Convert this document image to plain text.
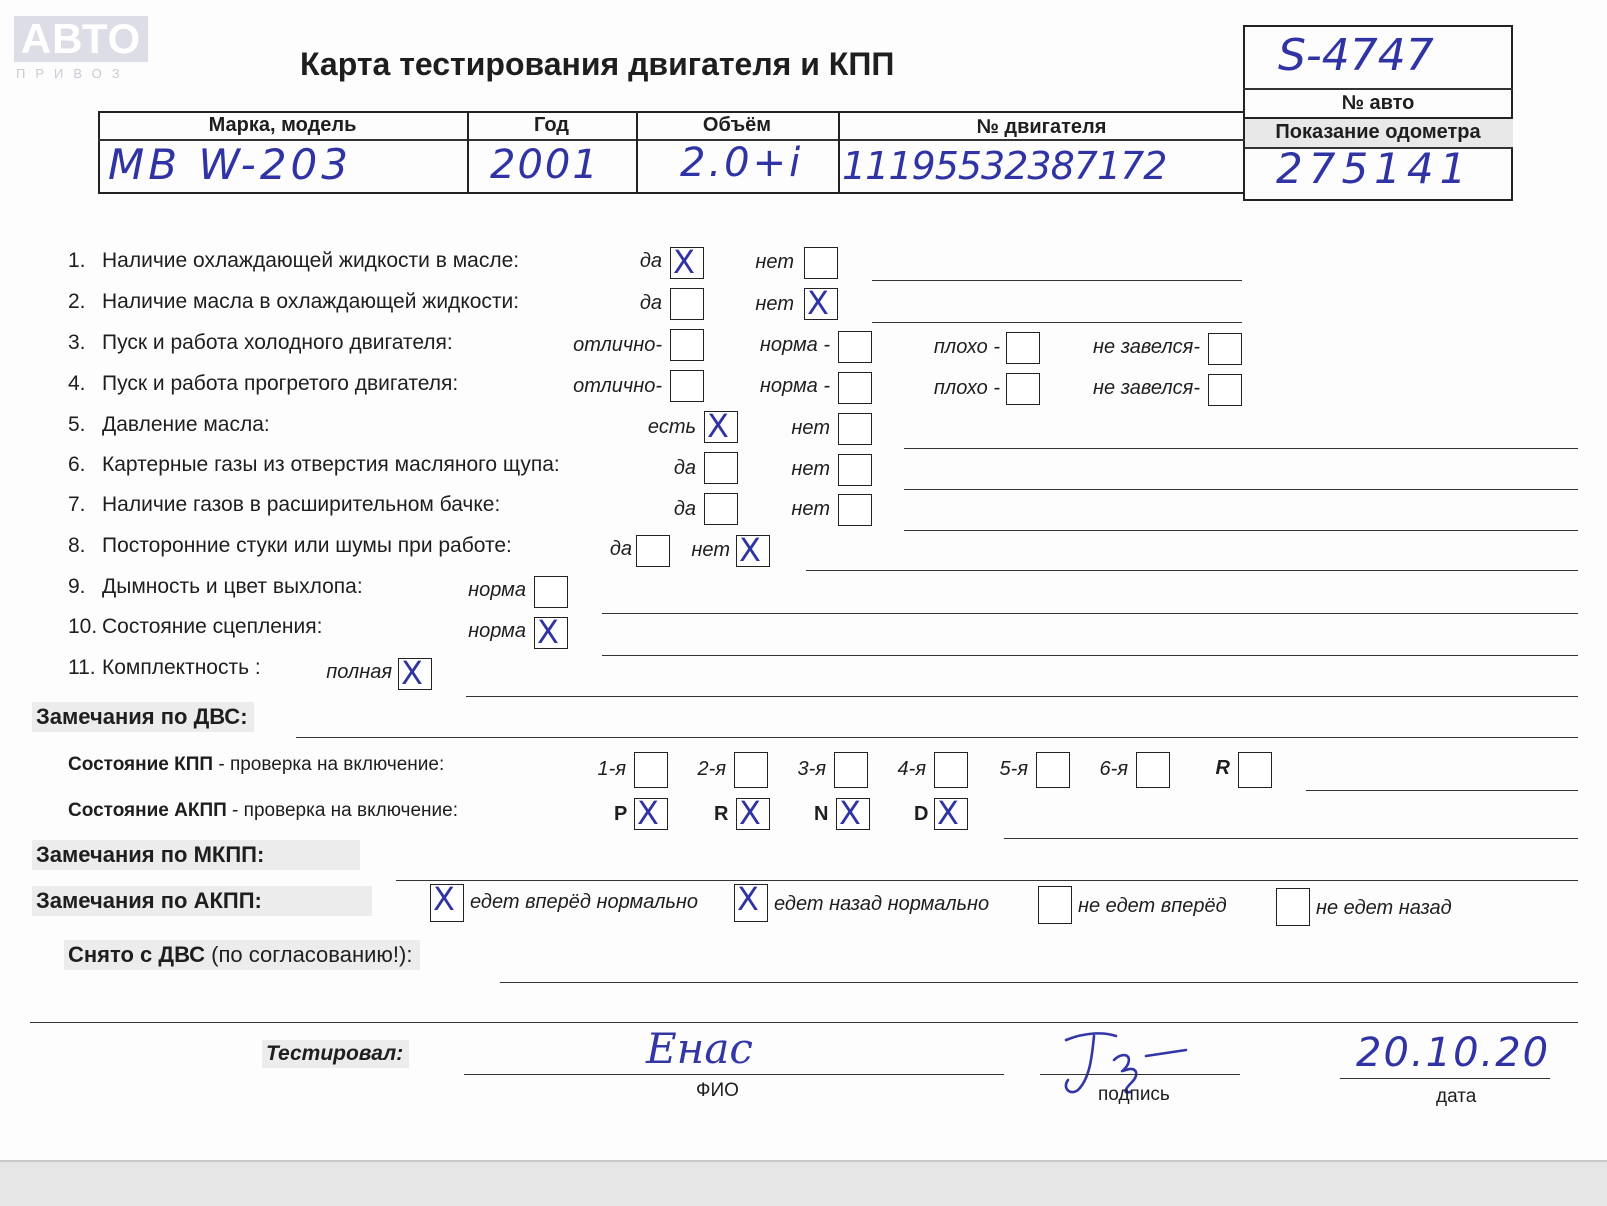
АВТО
ПРИВОЗ	Карта тестирования двигателя и КПП	S-4747
№ авто
Показание одометра
275141
Марка, модель	Год	Объём	№ двигателя
MB W-203	2001 2.0+i 11195532387172
1. Наличие охлаждающей жидкости в масле:	да X	нет
2. Наличие масла в охлаждающей жидкости:	да	нет X
3. Пуск и работа холодного двигателя:	отлично-	норма -	плохо -	не завелся-
4. Пуск и работа прогретого двигателя:	отлично-	норма -	плохо -	не завелся-
5. Давление масла:	есть X	нет
6. Картерные газы из отверстия масляного щупа:	да	нет
7. Наличие газов в расширительном бачке:	да	нет
8. Посторонние стуки или шумы при работе:	да	нет X
9. Дымность и цвет выхлопа:	норма
10. Состояние сцепления:	норма X
11. Комплектность :	полная X
Замечания по ДВС:
Состояние КПП - проверка на включение:	1-я	2-я	3-я	4-я	5-я	6-я	R
Состояние АКПП - проверка на включение:	P X	R X	N X	D X
Замечания по МКПП:
Замечания по АКПП:	X едет вперёд нормально X едет назад нормально	не едет вперёд	не едет назад
Снято с ДВС (по согласованию!):
Тестировал:	Енас
ФИО	подпись
20.10.20
дата
